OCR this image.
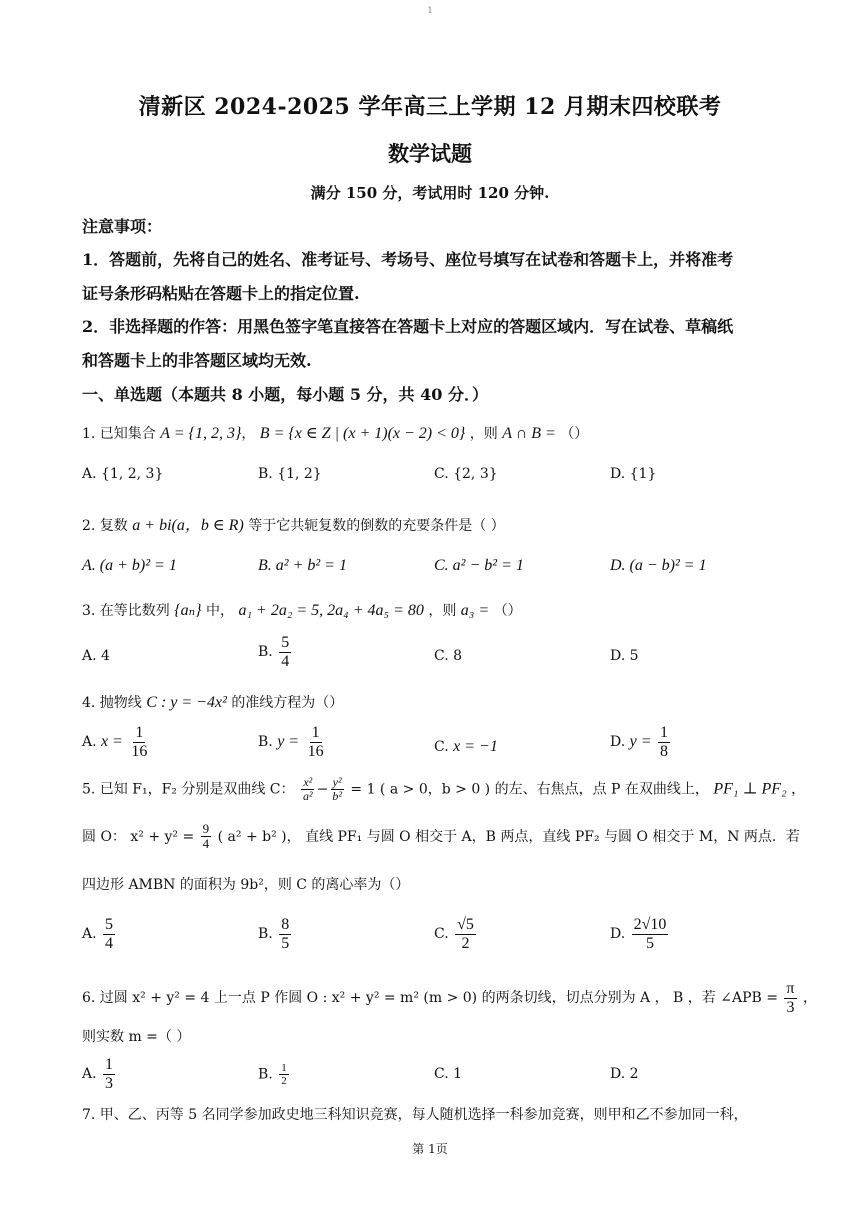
1
清新区 2024-2025 学年高三上学期 12 月期末四校联考
数学试题
满分 150 分，考试用时 120 分钟.
注意事项：
1．答题前，先将自己的姓名、准考证号、考场号、座位号填写在试卷和答题卡上，并将准考
证号条形码粘贴在答题卡上的指定位置.
2．非选择题的作答：用黑色签字笔直接答在答题卡上对应的答题区域内．写在试卷、草稿纸
和答题卡上的非答题区域均无效.
一、单选题（本题共 8 小题，每小题 5 分，共 40 分．）
1. 已知集合 A = {1, 2, 3}， B = {x ∈ Z | (x + 1)(x − 2) < 0} ，则 A ∩ B = （）
A. {1, 2, 3}	B. {1, 2}	C. {2, 3}	D. {1}
2. 复数 a + bi(a，b ∈ R) 等于它共轭复数的倒数的充要条件是（ ）
A. (a + b)² = 1	B. a² + b² = 1	C. a² − b² = 1	D. (a − b)² = 1
3. 在等比数列 {aₙ} 中， a₁ + 2a₂ = 5, 2a₄ + 4a₅ = 80 ，则 a₃ = （）
A. 4	B. $\frac{5}{4}$	C. 8	D. 5
4. 抛物线 C : y = −4x² 的准线方程为（）
A. $x = \frac{1}{16}$	B. $y = \frac{1}{16}$	C. x = −1	D. $y = \frac{1}{8}$
5. 已知 F₁，F₂ 分别是双曲线 C： $\frac{\text{x²}}{\text{a²}} - \frac{\text{y²}}{\text{b²}} = 1$ ( a > 0，b > 0 ) 的左、右焦点，点 P 在双曲线上， PF₁ ⊥ PF₂ ，
圆 O： $x^2 + y^2 = \frac{9}{4}$ ( a² + b² )， 直线 PF₁ 与圆 O 相交于 A，B 两点，直线 PF₂ 与圆 O 相交于 M，N 两点．若
四边形 AMBN 的面积为 9b²，则 C 的离心率为（）
A. $\frac{5}{4}$	B. $\frac{8}{5}$	C. $\frac{√5}{2}$	D. $\frac{2√10}{5}$
6. 过圆 x² + y² = 4 上一点 P 作圆 O : x² + y² = m² (m > 0) 的两条切线，切点分别为 A ， B ，若 ∠APB = $\frac{\pi}{3}$ ，
则实数 m =（ ）
A. $\frac{1}{3}$	B. $\frac{1}{2}$	C. 1	D. 2
7. 甲、乙、丙等 5 名同学参加政史地三科知识竞赛，每人随机选择一科参加竞赛，则甲和乙不参加同一科，
第 1页
